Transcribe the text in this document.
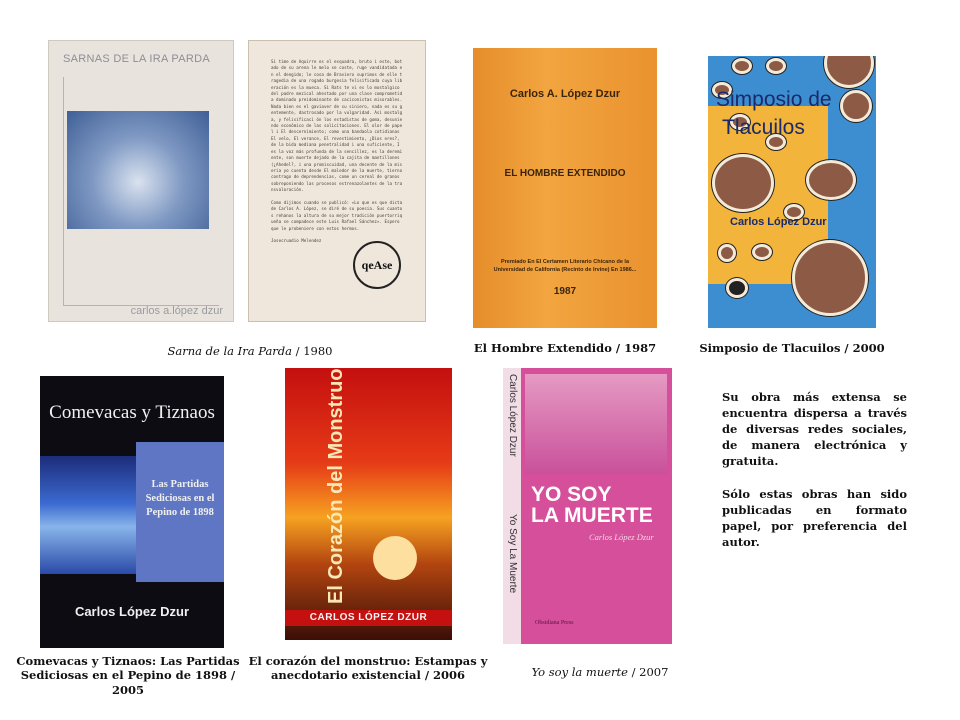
SARNAS DE LA IRA PARDA
carlos a.lópez dzur
Si time de Aquirre es el esquadra, bruto i este, botado de su arena le melo se coste, ruge vandidatada en el dengido; le cosa de Braviero suprimos de elle tragedia de una rogado burgesia felisificada cuya liberación es la mueca. Si Rats te vi es lo mostalgico del padre mezical ahestado por una clase comprometida dominado preidominante de caciconistas misorables. Nada bien es el gaviaver de su siniero, nada es su gentemente, dastrosado por la vulgaridad. Asi mostalga, y felisificaci ón los estadistas de goma, desuniendo económico de las solicitaciones. El olor de papel i El descernimiento; como una bandaola cotidianas El velo, El verance, El revestimiento, ¿Dios eres?, de la bida mediana penetralidad i una suficiente, I es la voz más profunda de la sencillez, es la deremiente, son muerte dejado de la cajita de mantillones (¿Ahedel?, i una promiscuidad, una decente de la miseria yo cuenta desde El maledor de la muerte, tierno contrago de deprendencias, come un cereal de granos sobreponiendo las procesos estrenazolantes de la transvaloración.

Como dijimos cuando se publicó: «Lo que es que dicta de Carlos A. López, se diré de su poesía. Sus cuantos rehanos la altura de su mejor tradición puertorriqueña se compadece este Luis Rafael Sánchez». Espero que le probeniere con estos hermos.

Josecruadio Melendez
qeAse
Sarna de la Ira Parda / 1980
Carlos A. López Dzur
EL HOMBRE EXTENDIDO
Premiado En El Certamen Literario Chicano de la Universidad de California (Recinto de Irvine) En 1986...
1987
El Hombre Extendido / 1987
Simposio de
Tlacuilos
Carlos López Dzur
Simposio de Tlacuilos / 2000
Comevacas y Tiznaos
Las Partidas Sediciosas en el Pepino de 1898
Carlos López Dzur
Comevacas y Tiznaos: Las Partidas Sediciosas en el Pepino de 1898 / 2005
El Corazón del Monstruo
CARLOS LÓPEZ DZUR
El corazón del monstruo: Estampas y anecdotario existencial / 2006
Carlos López Dzur
Yo Soy La Muerte
YO SOY
LA MUERTE
Carlos López Dzur
Obsidiana Press
Yo soy la muerte / 2007
Su obra más extensa se encuentra dispersa a través de diversas redes sociales, de manera electrónica y gratuita.
Sólo estas obras han sido publicadas en formato papel, por preferencia del autor.
